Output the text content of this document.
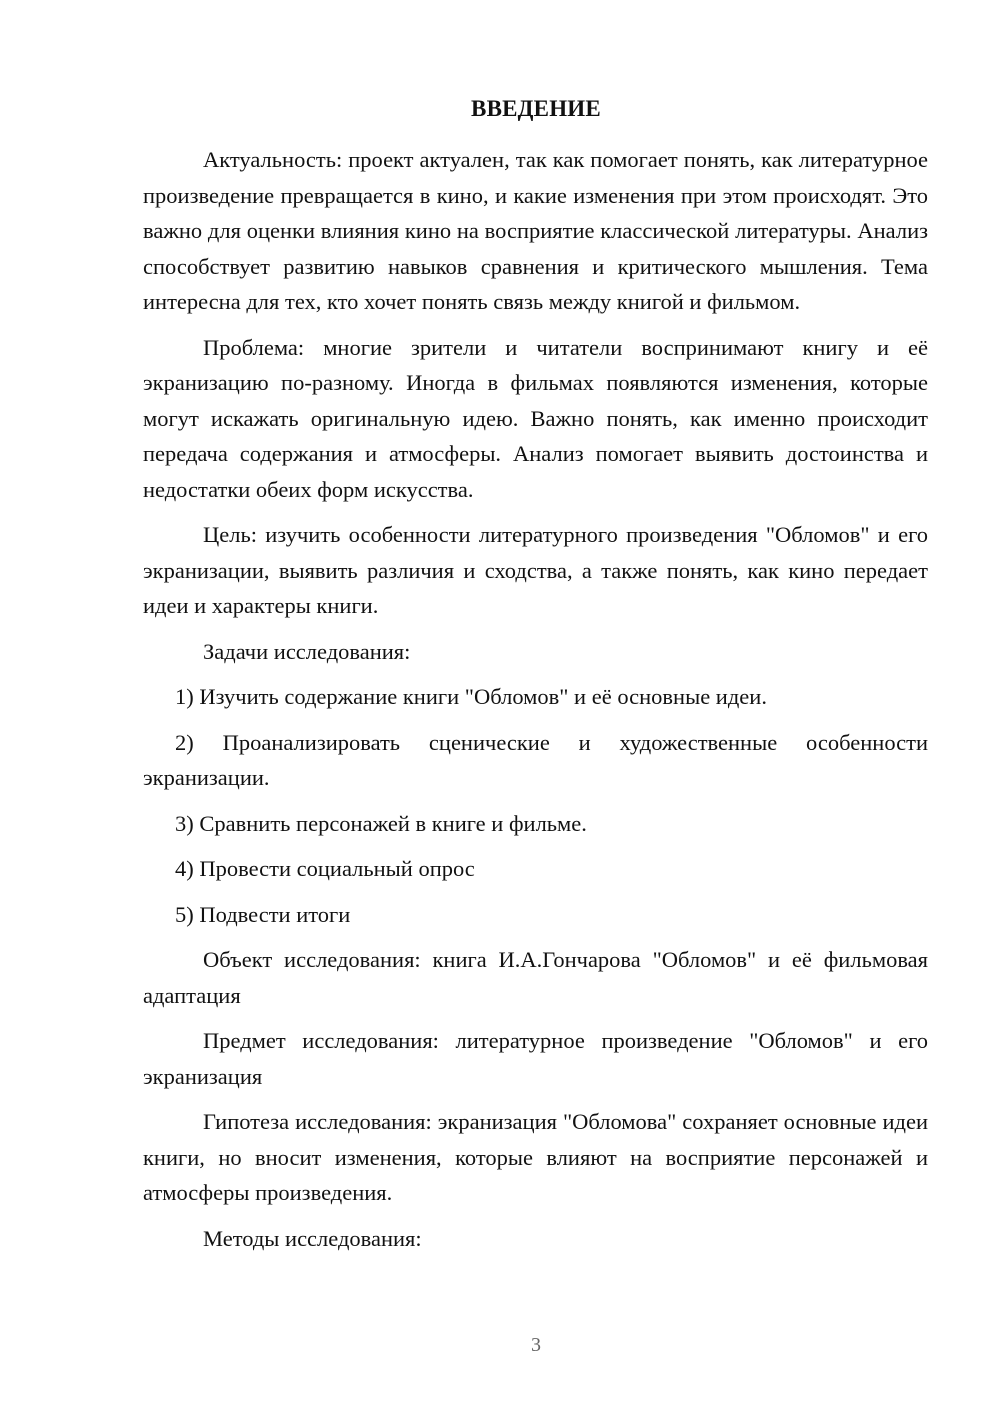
ВВЕДЕНИЕ

Актуальность: проект актуален, так как помогает понять, как литературное произведение превращается в кино, и какие изменения при этом происходят. Это важно для оценки влияния кино на восприятие классической литературы. Анализ способствует развитию навыков сравнения и критического мышления. Тема интересна для тех, кто хочет понять связь между книгой и фильмом.

Проблема: многие зрители и читатели воспринимают книгу и её экранизацию по-разному. Иногда в фильмах появляются изменения, которые могут искажать оригинальную идею. Важно понять, как именно происходит передача содержания и атмосферы. Анализ помогает выявить достоинства и недостатки обеих форм искусства.

Цель: изучить особенности литературного произведения "Обломов" и его экранизации, выявить различия и сходства, а также понять, как кино передает идеи и характеры книги.

Задачи исследования:

1) Изучить содержание книги "Обломов" и её основные идеи.

2) Проанализировать сценические и художественные особенности экранизации.

3) Сравнить персонажей в книге и фильме.

4) Провести социальный опрос

5) Подвести итоги

Объект исследования: книга И.А.Гончарова "Обломов" и её фильмовая адаптация

Предмет исследования: литературное произведение "Обломов" и его экранизация

Гипотеза исследования: экранизация "Обломова" сохраняет основные идеи книги, но вносит изменения, которые влияют на восприятие персонажей и атмосферы произведения.

Методы исследования:

3
